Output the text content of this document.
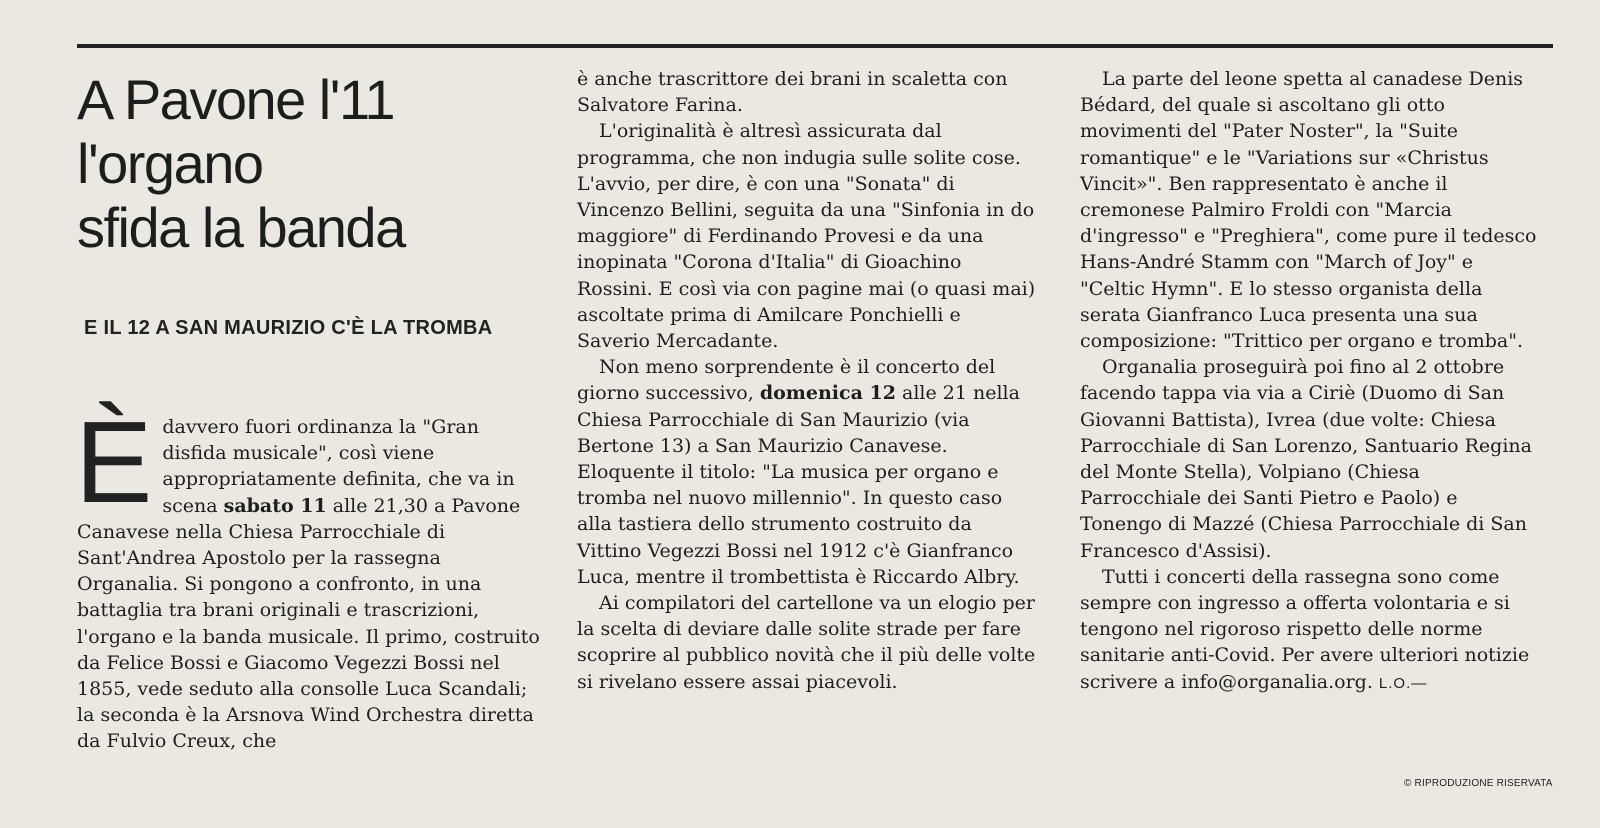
A Pavone l'11
l'organo
sfida la banda
E IL 12 A SAN MAURIZIO C'È LA TROMBA

Èdavvero fuori ordinanza la "Gran disfida musicale", così viene appropriatamente definita, che va in scena sabato 11 alle 21,30 a Pavone Canavese nella Chiesa Parrocchiale di Sant'Andrea Apostolo per la rassegna Organalia. Si pongono a confronto, in una battaglia tra brani originali e trascrizioni, l'organo e la banda musicale. Il primo, costruito da Felice Bossi e Giacomo Vegezzi Bossi nel 1855, vede seduto alla consolle Luca Scandali; la seconda è la Arsnova Wind Orchestra diretta da Fulvio Creux, che

è anche trascrittore dei brani in scaletta con Salvatore Farina.

L'originalità è altresì assicurata dal programma, che non indugia sulle solite cose. L'avvio, per dire, è con una "Sonata" di Vincenzo Bellini, seguita da una "Sinfonia in do maggiore" di Ferdinando Provesi e da una inopinata "Corona d'Italia" di Gioachino Rossini. E così via con pagine mai (o quasi mai) ascoltate prima di Amilcare Ponchielli e Saverio Mercadante.

Non meno sorprendente è il concerto del giorno successivo, domenica 12 alle 21 nella Chiesa Parrocchiale di San Maurizio (via Bertone 13) a San Maurizio Canavese. Eloquente il titolo: "La musica per organo e tromba nel nuovo millennio". In questo caso alla tastiera dello strumento costruito da Vittino Vegezzi Bossi nel 1912 c'è Gianfranco Luca, mentre il trombettista è Riccardo Albry.

Ai compilatori del cartellone va un elogio per la scelta di deviare dalle solite strade per fare scoprire al pubblico novità che il più delle volte si rivelano essere assai piacevoli.

La parte del leone spetta al canadese Denis Bédard, del quale si ascoltano gli otto movimenti del "Pater Noster", la "Suite romantique" e le "Variations sur «Christus Vincit»". Ben rappresentato è anche il cremonese Palmiro Froldi con "Marcia d'ingresso" e "Preghiera", come pure il tedesco Hans-André Stamm con "March of Joy" e "Celtic Hymn". E lo stesso organista della serata Gianfranco Luca presenta una sua composizione: "Trittico per organo e tromba".

Organalia proseguirà poi fino al 2 ottobre facendo tappa via via a Ciriè (Duomo di San Giovanni Battista), Ivrea (due volte: Chiesa Parrocchiale di San Lorenzo, Santuario Regina del Monte Stella), Volpiano (Chiesa Parrocchiale dei Santi Pietro e Paolo) e Tonengo di Mazzé (Chiesa Parrocchiale di San Francesco d'Assisi).

Tutti i concerti della rassegna sono come sempre con ingresso a offerta volontaria e si tengono nel rigoroso rispetto delle norme sanitarie anti-Covid. Per avere ulteriori notizie scrivere a info@organalia.org. L.O.—

© RIPRODUZIONE RISERVATA
